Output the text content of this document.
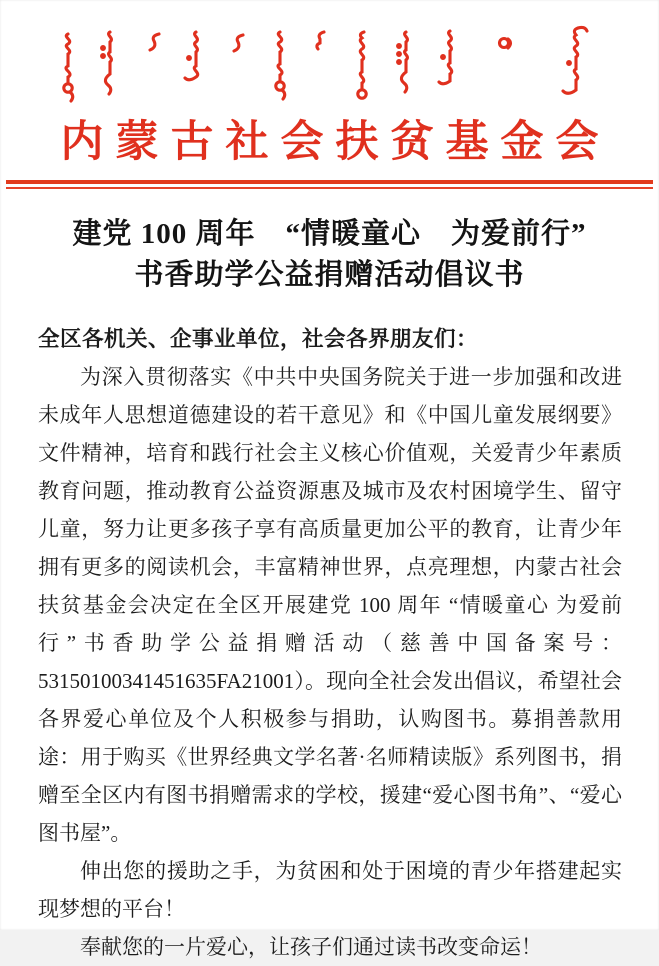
内蒙古社会扶贫基金会
建党 100 周年　“情暖童心　为爱前行”
书香助学公益捐赠活动倡议书

全区各机关、企事业单位，社会各界朋友们：

为深入贯彻落实《中共中央国务院关于进一步加强和改进未成年人思想道德建设的若干意见》和《中国儿童发展纲要》文件精神，培育和践行社会主义核心价值观，关爱青少年素质教育问题，推动教育公益资源惠及城市及农村困境学生、留守儿童，努力让更多孩子享有高质量更加公平的教育，让青少年拥有更多的阅读机会，丰富精神世界，点亮理想，内蒙古社会扶贫基金会决定在全区开展建党 100 周年 “情暖童心 为爱前行”书香助学公益捐赠活动（慈善中国备案号：53150100341451635FA21001）。现向全社会发出倡议，希望社会各界爱心单位及个人积极参与捐助，认购图书。募捐善款用途：用于购买《世界经典文学名著·名师精读版》系列图书，捐赠至全区内有图书捐赠需求的学校，援建“爱心图书角”、“爱心图书屋”。

伸出您的援助之手，为贫困和处于困境的青少年搭建起实现梦想的平台！

奉献您的一片爱心，让孩子们通过读书改变命运！
